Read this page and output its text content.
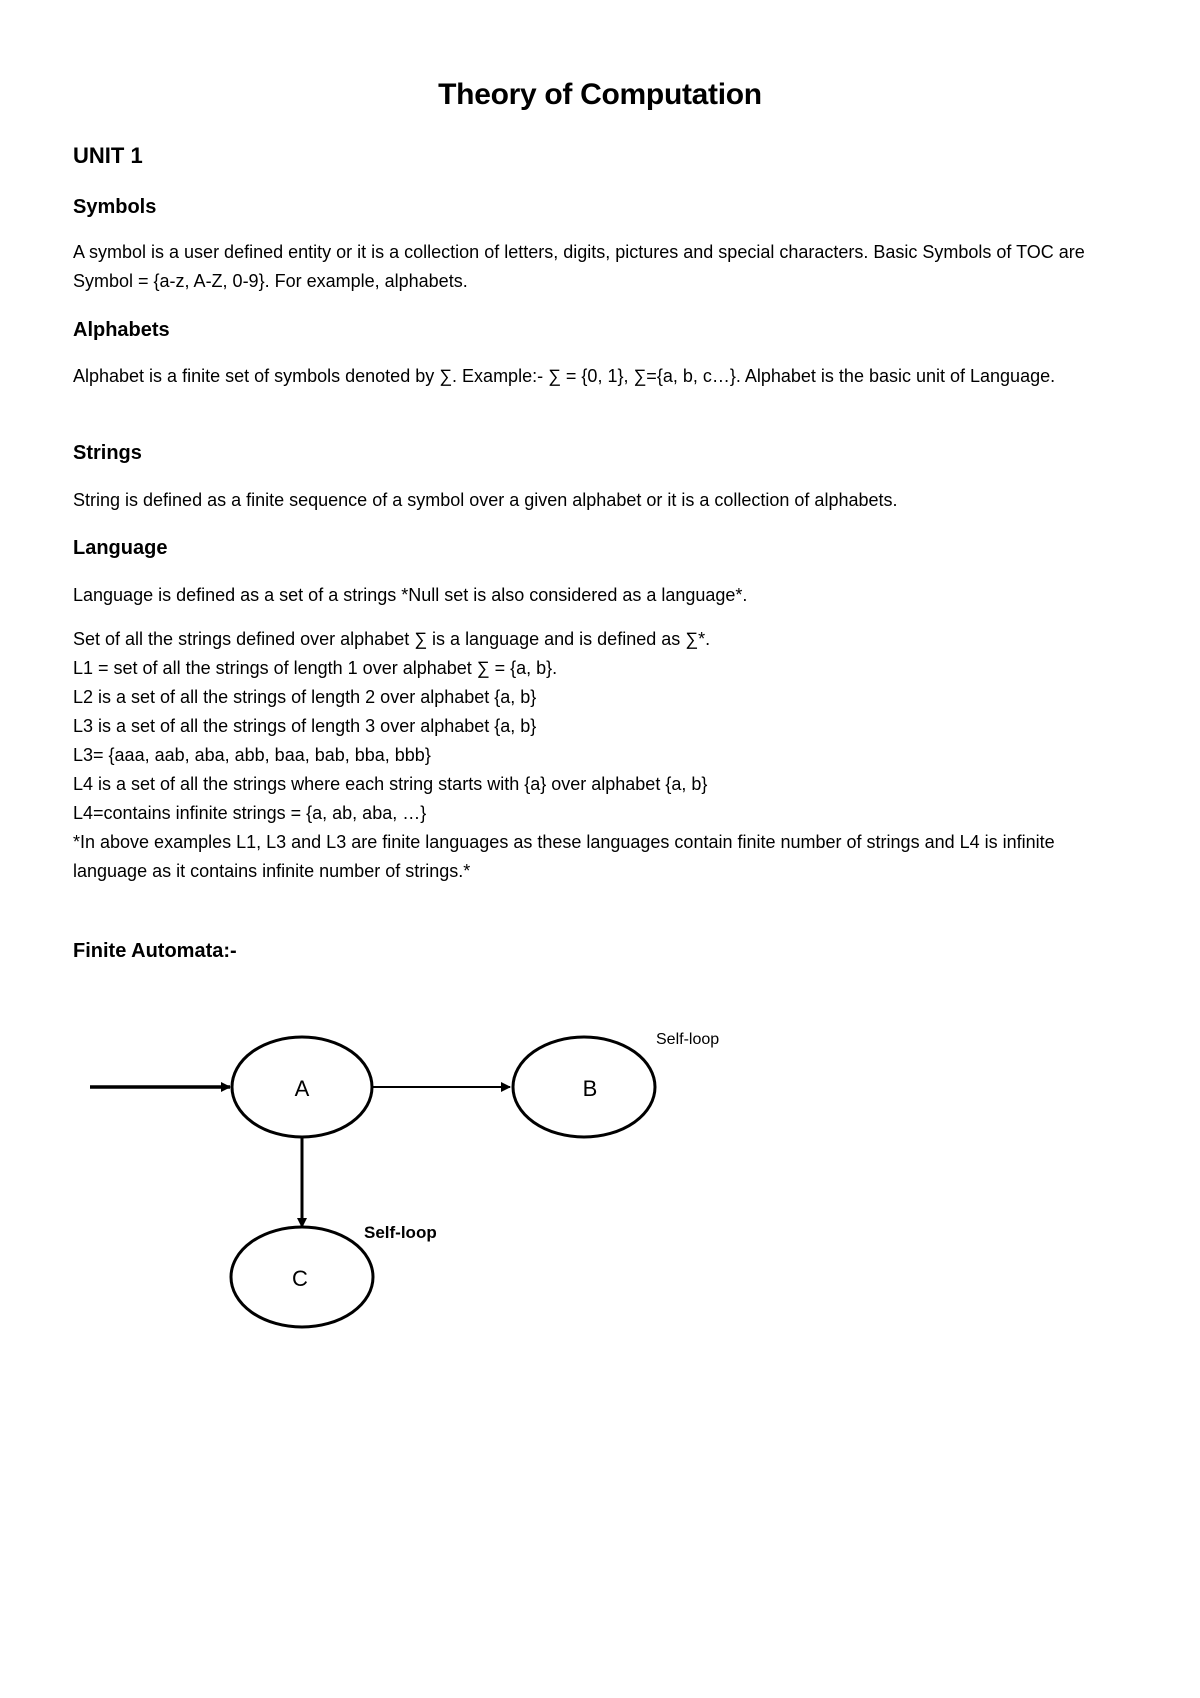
Theory of Computation
UNIT 1
Symbols

A symbol is a user defined entity or it is a collection of letters, digits, pictures and special characters. Basic Symbols of TOC are Symbol = {a-z, A-Z, 0-9}. For example, alphabets.

Alphabets

Alphabet is a finite set of symbols denoted by ∑. Example:- ∑ = {0, 1}, ∑={a, b, c…}. Alphabet is the basic unit of Language.

Strings

String is defined as a finite sequence of a symbol over a given alphabet or it is a collection of alphabets.

Language

Language is defined as a set of a strings *Null set is also considered as a language*.

Set of all the strings defined over alphabet ∑ is a language and is defined as ∑*.
L1 = set of all the strings of length 1 over alphabet ∑ = {a, b}.
L2 is a set of all the strings of length 2 over alphabet {a, b}
L3 is a set of all the strings of length 3 over alphabet {a, b}
L3= {aaa, aab, aba, abb, baa, bab, bba, bbb}
L4 is a set of all the strings where each string starts with {a} over alphabet {a, b}
L4=contains infinite strings = {a, ab, aba, …}
*In above examples L1, L3 and L3 are finite languages as these languages contain finite number of strings and L4 is infinite language as it contains infinite number of strings.*
Finite Automata:-
A	B
Self-loop
C
Self-loop
